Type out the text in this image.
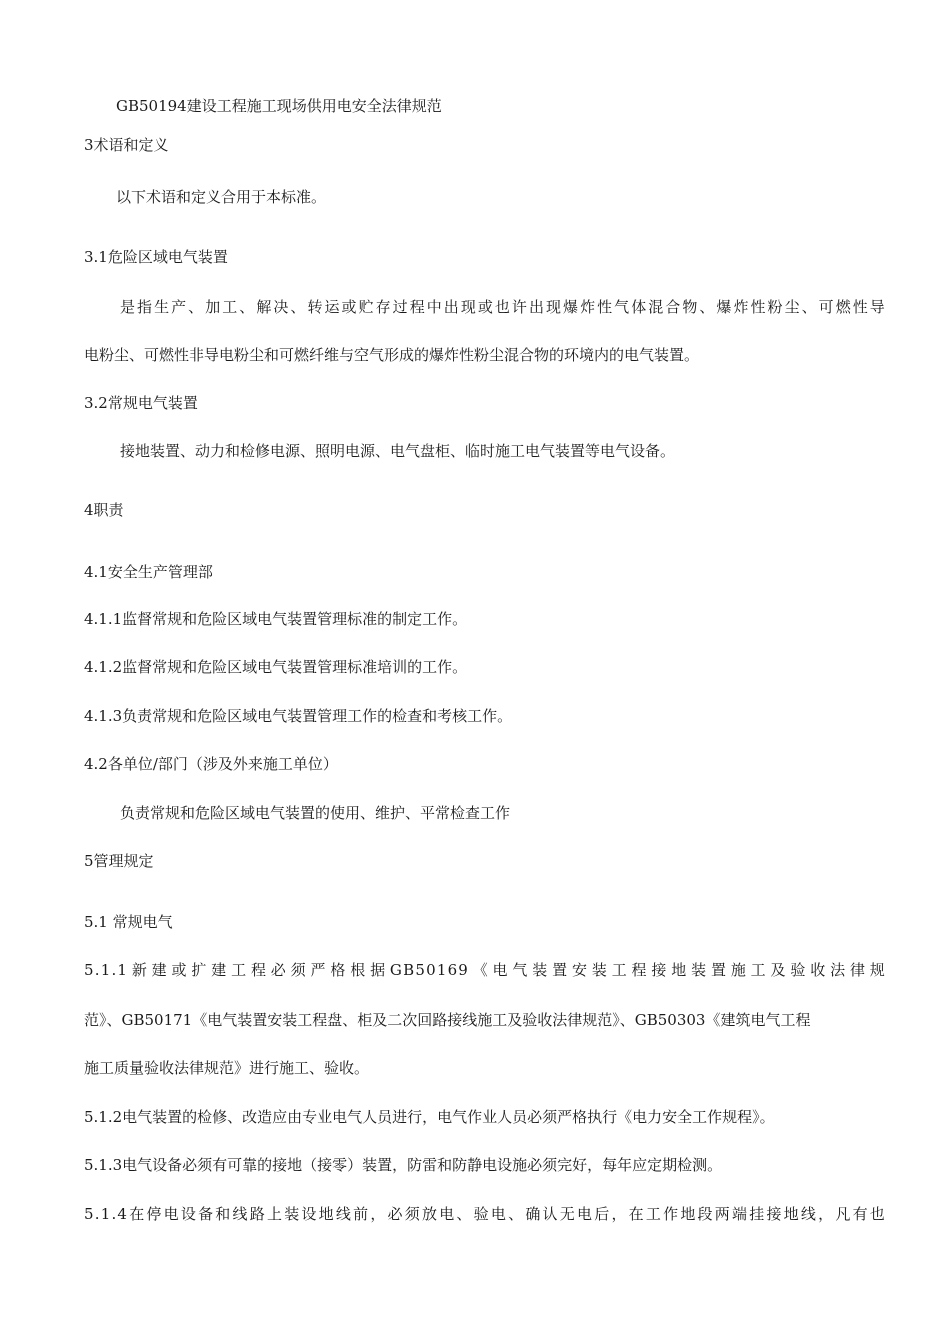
GB50194建设工程施工现场供用电安全法律规范
3术语和定义
以下术语和定义合用于本标准。
3.1危险区域电气装置
是指生产、加工、解决、转运或贮存过程中出现或也许出现爆炸性气体混合物、爆炸性粉尘、可燃性导
电粉尘、可燃性非导电粉尘和可燃纤维与空气形成的爆炸性粉尘混合物的环境内的电气装置。
3.2常规电气装置
接地装置、动力和检修电源、照明电源、电气盘柜、临时施工电气装置等电气设备。
4职责
4.1安全生产管理部
4.1.1监督常规和危险区域电气装置管理标准的制定工作。
4.1.2监督常规和危险区域电气装置管理标准培训的工作。
4.1.3负责常规和危险区域电气装置管理工作的检查和考核工作。
4.2各单位/部门（涉及外来施工单位）
负责常规和危险区域电气装置的使用、维护、平常检查工作
5管理规定
5.1 常规电气
5.1.1新建或扩建工程必须严格根据GB50169《电气装置安装工程接地装置施工及验收法律规
范》、GB50171《电气装置安装工程盘、柜及二次回路接线施工及验收法律规范》、GB50303《建筑电气工程
施工质量验收法律规范》进行施工、验收。
5.1.2电气装置的检修、改造应由专业电气人员进行，电气作业人员必须严格执行《电力安全工作规程》。
5.1.3电气设备必须有可靠的接地（接零）装置，防雷和防静电设施必须完好，每年应定期检测。
5.1.4在停电设备和线路上装设地线前，必须放电、验电、确认无电后，在工作地段两端挂接地线，凡有也
